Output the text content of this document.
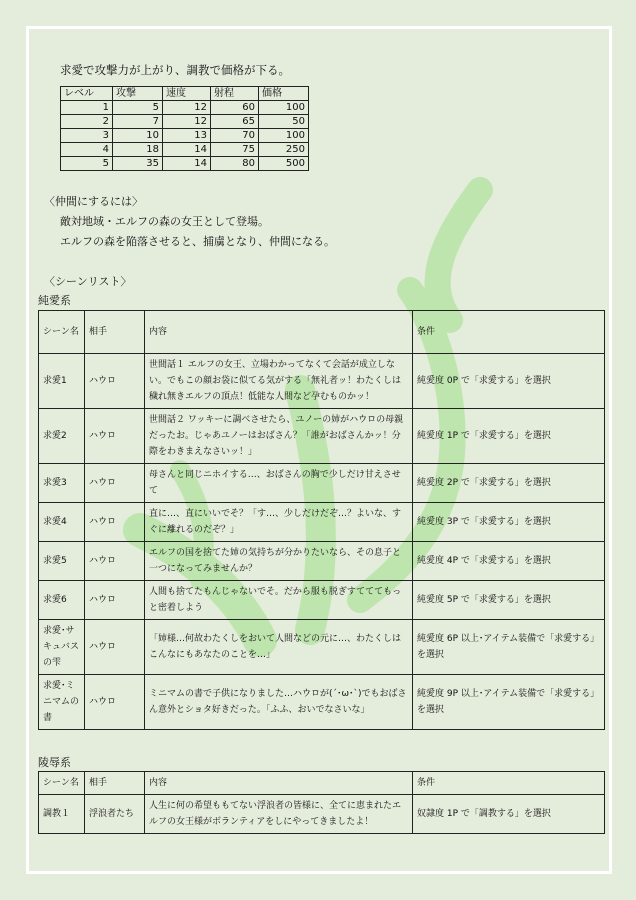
求愛で攻撃力が上がり、調教で価格が下る。
レベル	攻撃	速度	射程	価格
1	5	12	60	100
2	7	12	65	50
3	10	13	70	100
4	18	14	75	250
5	35	14	80	500
〈仲間にするには〉
敵対地域・エルフの森の女王として登場。
エルフの森を陥落させると、捕虜となり、仲間になる。
〈シーンリスト〉
純愛系
シーン名	相手	内容	条件
求愛1	ハウロ	世間話１ エルフの女王、立場わかってなくて会話が成立しない。でもこの顔お袋に似てる気がする「無礼者ッ！わたくしは穢れ無きエルフの頂点！低能な人間など孕むものかッ！	純愛度 0P で「求愛する」を選択
求愛2	ハウロ	世間話２ ワッキーに調べさせたら、ユノーの姉がハウロの母親だったお。じゃあユノーはおばさん？「誰がおばさんかッ！分際をわきまえなさいッ！」	純愛度 1P で「求愛する」を選択
求愛3	ハウロ	母さんと同じニホイする…、おばさんの胸で少しだけ甘えさせて	純愛度 2P で「求愛する」を選択
求愛4	ハウロ	直に…、直にいいでそ？「す…、少しだけだぞ…？よいな、すぐに離れるのだぞ？」	純愛度 3P で「求愛する」を選択
求愛5	ハウロ	エルフの国を捨てた姉の気持ちが分かりたいなら、その息子と一つになってみませんか？	純愛度 4P で「求愛する」を選択
求愛6	ハウロ	人間も捨てたもんじゃないでそ。だから服も脱ぎすてててもっと密着しよう	純愛度 5P で「求愛する」を選択
求愛･サキュバスの雫	ハウロ	「姉様…何故わたくしをおいて人間などの元に…、わたくしはこんなにもあなたのことを…」	純愛度 6P 以上･アイテム装備で「求愛する」を選択
求愛･ミニマムの書	ハウロ	ミニマムの書で子供になりました…ハウロが(´･ω･`)でもおばさん意外とショタ好きだった。「ふふ、おいでなさいな」	純愛度 9P 以上･アイテム装備で「求愛する」を選択
陵辱系
シーン名	相手	内容	条件
調教１	浮浪者たち	人生に何の希望ももてない浮浪者の皆様に、全てに恵まれたエルフの女王様がボランティアをしにやってきましたよ！	奴隷度 1P で「調教する」を選択
